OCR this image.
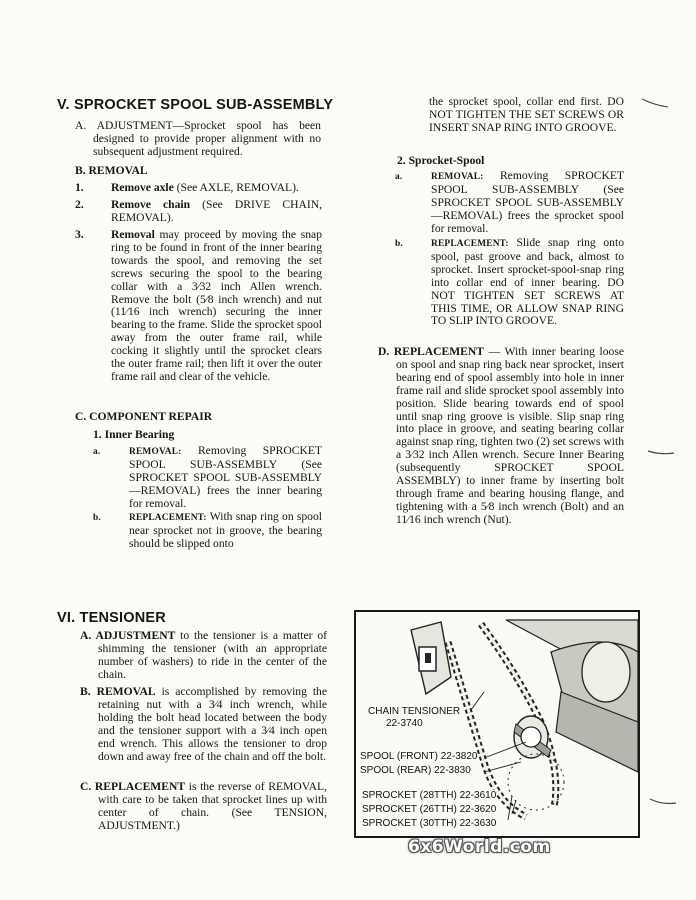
V. SPROCKET SPOOL SUB-ASSEMBLY
A. ADJUSTMENT—Sprocket spool has been designed to provide proper alignment with no subsequent adjustment required.
B. REMOVAL
1. Remove axle (See AXLE, REMOVAL).
2. Remove chain (See DRIVE CHAIN, REMOVAL).
3. Removal may proceed by moving the snap ring to be found in front of the inner bearing towards the spool, and removing the set screws securing the spool to the bearing collar with a 3⁄32 inch Allen wrench. Remove the bolt (5⁄8 inch wrench) and nut (11⁄16 inch wrench) securing the inner bearing to the frame. Slide the sprocket spool away from the outer frame rail, while cocking it slightly until the sprocket clears the outer frame rail; then lift it over the outer frame rail and clear of the vehicle.
C. COMPONENT REPAIR
1. Inner Bearing
a.	REMOVAL: Removing SPROCKET SPOOL SUB-ASSEMBLY (See SPROCKET SPOOL SUB-ASSEMBLY—REMOVAL) frees the inner bearing for removal.
b.	REPLACEMENT: With snap ring on spool near sprocket not in groove, the bearing should be slipped onto
the sprocket spool, collar end first. DO NOT TIGHTEN THE SET SCREWS OR INSERT SNAP RING INTO GROOVE.
2. Sprocket-Spool
a.	REMOVAL: Removing SPROCKET SPOOL SUB-ASSEMBLY (See SPROCKET SPOOL SUB-ASSEMBLY—REMOVAL) frees the sprocket spool for removal.
b.	REPLACEMENT: Slide snap ring onto spool, past groove and back, almost to sprocket. Insert sprocket-spool-snap ring into collar end of inner bearing. DO NOT TIGHTEN SET SCREWS AT THIS TIME, OR ALLOW SNAP RING TO SLIP INTO GROOVE.
D. REPLACEMENT — With inner bearing loose on spool and snap ring back near sprocket, insert bearing end of spool assembly into hole in inner frame rail and slide sprocket spool assembly into position. Slide bearing towards end of spool until snap ring groove is visible. Slip snap ring into place in groove, and seating bearing collar against snap ring, tighten two (2) set screws with a 3⁄32 inch Allen wrench. Secure Inner Bearing (subsequently SPROCKET SPOOL ASSEMBLY) to inner frame by inserting bolt through frame and bearing housing flange, and tightening with a 5⁄8 inch wrench (Bolt) and an 11⁄16 inch wrench (Nut).
VI. TENSIONER
A. ADJUSTMENT to the tensioner is a matter of shimming the tensioner (with an appropriate number of washers) to ride in the center of the chain.
B. REMOVAL is accomplished by removing the retaining nut with a 3⁄4 inch wrench, while holding the bolt head located between the body and the tensioner support with a 3⁄4 inch open end wrench. This allows the tensioner to drop down and away free of the chain and off the bolt.
C. REPLACEMENT is the reverse of REMOVAL, with care to be taken that sprocket lines up with center of chain. (See TENSION, ADJUSTMENT.)
CHAIN TENSIONER
22-3740
SPOOL (FRONT) 22-3820
SPOOL (REAR) 22-3830
SPROCKET (28TTH) 22-3610
SPROCKET (26TTH) 22-3620
SPROCKET (30TTH) 22-3630
6x6World.com
